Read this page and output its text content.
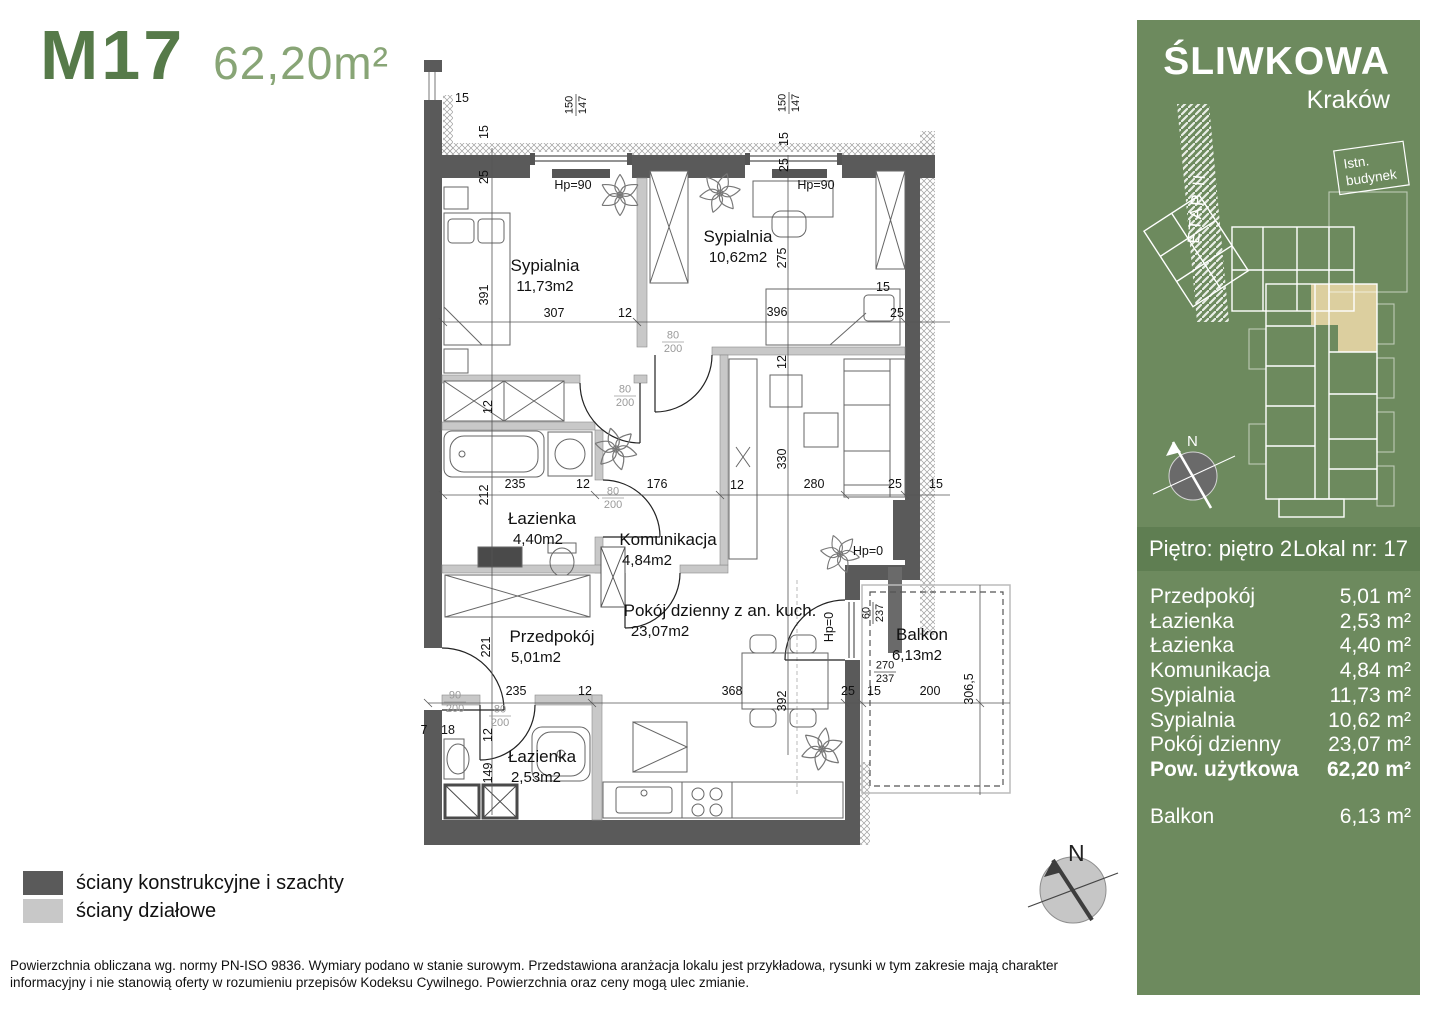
M17 62,20m²
Sypialnia
11,73m2
Sypialnia
10,62m2
Łazienka
4,40m2	Komunikacja
4,84m2
Przedpokój
5,01m2
Łazienka
2,53m2
Pokój dzienny z an. kuch.
23,07m2	Balkon
6,13m2
15
15
25
150 147
Hp=90
150 147
15
25
Hp=90
391
307	12	396
15
25
275
12
80
200
80
200
12
212
235	12	176	12	280	25 15
330
80
200
Hp=0
Hp=0 60 237
270
237
90
200
221
235	12	368	392	25 15	200 306,5
80
200
12
149
7 18
N
ŚLIWKOWA
Kraków
ETAP II
Istn.
budynek
N
Piętro: piętro 2 Lokal nr: 17
Przedpokój	5,01 m²
Łazienka	2,53 m²
Łazienka	4,40 m²
Komunikacja	4,84 m²
Sypialnia	11,73 m²
Sypialnia	10,62 m²
Pokój dzienny 23,07 m²
Pow. użytkowa 62,20 m²
Balkon	6,13 m²
ściany konstrukcyjne i szachty
ściany działowe
Powierzchnia obliczana wg. normy PN-ISO 9836. Wymiary podano w stanie surowym. Przedstawiona aranżacja lokalu jest przykładowa, rysunki w tym zakresie mają charakter
informacyjny i nie stanowią oferty w rozumieniu przepisów Kodeksu Cywilnego. Powierzchnia oraz ceny mogą ulec zmianie.
